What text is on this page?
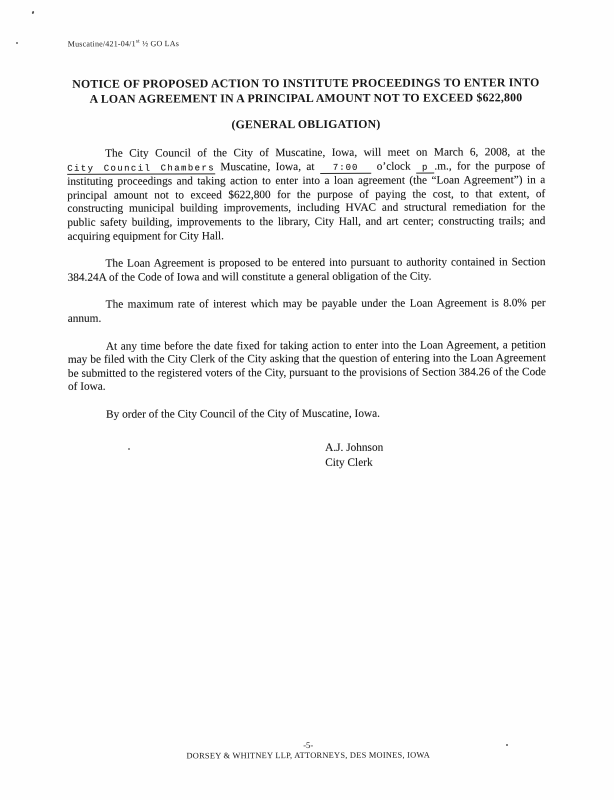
Muscatine/421-04/1st ½ GO LAs
NOTICE OF PROPOSED ACTION TO INSTITUTE PROCEEDINGS TO ENTER INTO
A LOAN AGREEMENT IN A PRINCIPAL AMOUNT NOT TO EXCEED $622,800
(GENERAL OBLIGATION)

The City Council of the City of Muscatine, Iowa, will meet on March 6, 2008, at the City Council Chambers Muscatine, Iowa, at 7:00 o’clock p .m., for the purpose of instituting proceedings and taking action to enter into a loan agreement (the “Loan Agreement”) in a principal amount not to exceed $622,800 for the purpose of paying the cost, to that extent, of constructing municipal building improvements, including HVAC and structural remediation for the public safety building, improvements to the library, City Hall, and art center; constructing trails; and acquiring equipment for City Hall.

The Loan Agreement is proposed to be entered into pursuant to authority contained in Section 384.24A of the Code of Iowa and will constitute a general obligation of the City.

The maximum rate of interest which may be payable under the Loan Agreement is 8.0% per annum.

At any time before the date fixed for taking action to enter into the Loan Agreement, a petition may be filed with the City Clerk of the City asking that the question of entering into the Loan Agreement be submitted to the registered voters of the City, pursuant to the provisions of Section 384.26 of the Code of Iowa.

By order of the City Council of the City of Muscatine, Iowa.

A.J. Johnson
City Clerk
-5-
DORSEY & WHITNEY LLP, ATTORNEYS, DES MOINES, IOWA
